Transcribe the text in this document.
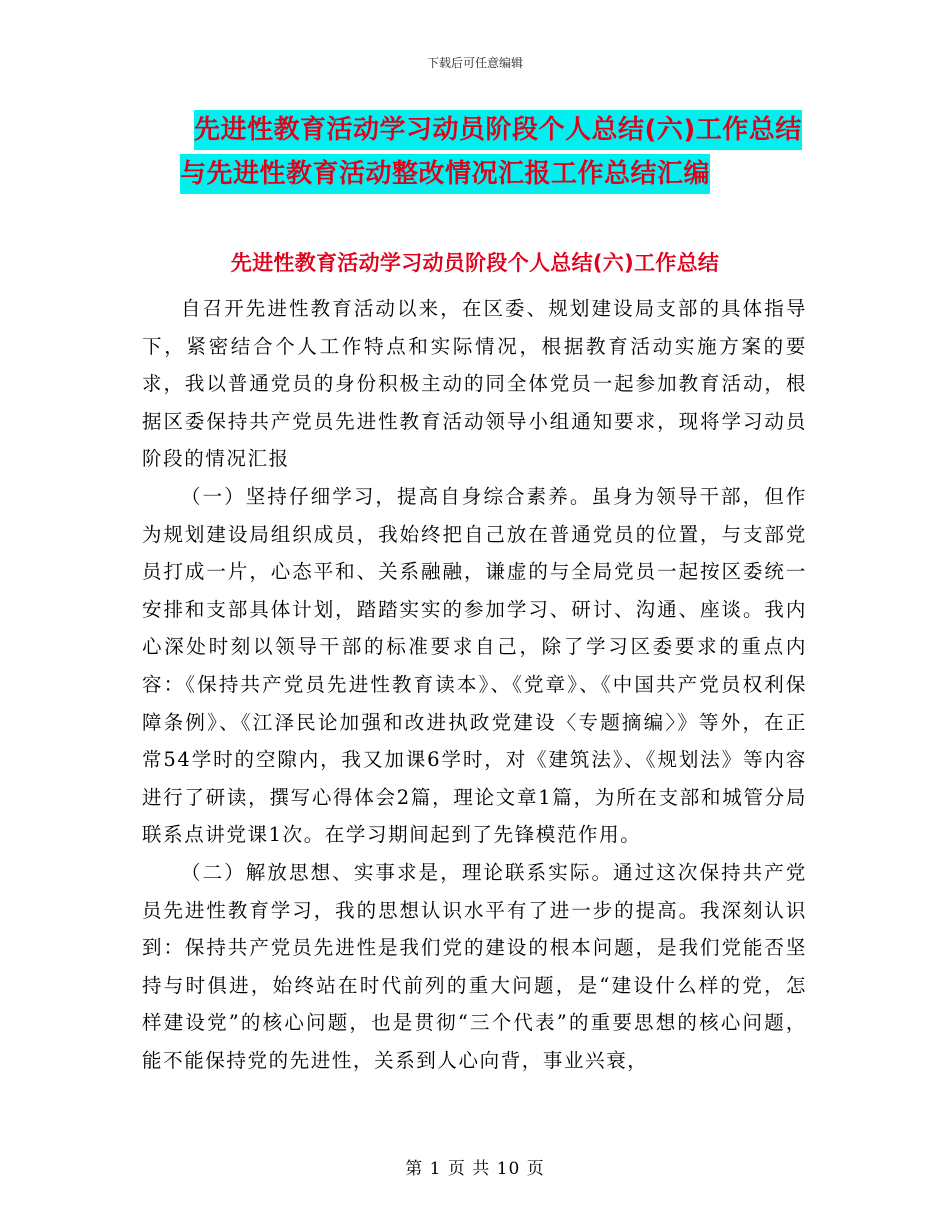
下载后可任意编辑
先进性教育活动学习动员阶段个人总结(六)工作总结
与先进性教育活动整改情况汇报工作总结汇编
先进性教育活动学习动员阶段个人总结(六)工作总结

自召开先进性教育活动以来，在区委、规划建设局支部的具体指导下，紧密结合个人工作特点和实际情况，根据教育活动实施方案的要求，我以普通党员的身份积极主动的同全体党员一起参加教育活动，根据区委保持共产党员先进性教育活动领导小组通知要求，现将学习动员阶段的情况汇报

（一）坚持仔细学习，提高自身综合素养。虽身为领导干部，但作为规划建设局组织成员，我始终把自己放在普通党员的位置，与支部党员打成一片，心态平和、关系融融，谦虚的与全局党员一起按区委统一安排和支部具体计划，踏踏实实的参加学习、研讨、沟通、座谈。我内心深处时刻以领导干部的标准要求自己，除了学习区委要求的重点内容：《保持共产党员先进性教育读本》、《党章》、《中国共产党员权利保障条例》、《江泽民论加强和改进执政党建设〈专题摘编〉》等外，在正常54学时的空隙内，我又加课6学时，对《建筑法》、《规划法》等内容进行了研读，撰写心得体会2篇，理论文章1篇，为所在支部和城管分局联系点讲党课1次。在学习期间起到了先锋模范作用。

（二）解放思想、实事求是，理论联系实际。通过这次保持共产党员先进性教育学习，我的思想认识水平有了进一步的提高。我深刻认识到：保持共产党员先进性是我们党的建设的根本问题，是我们党能否坚持与时俱进，始终站在时代前列的重大问题，是“建设什么样的党，怎样建设党”的核心问题，也是贯彻“三个代表”的重要思想的核心问题，能不能保持党的先进性，关系到人心向背，事业兴衰，

第 1 页 共 10 页
